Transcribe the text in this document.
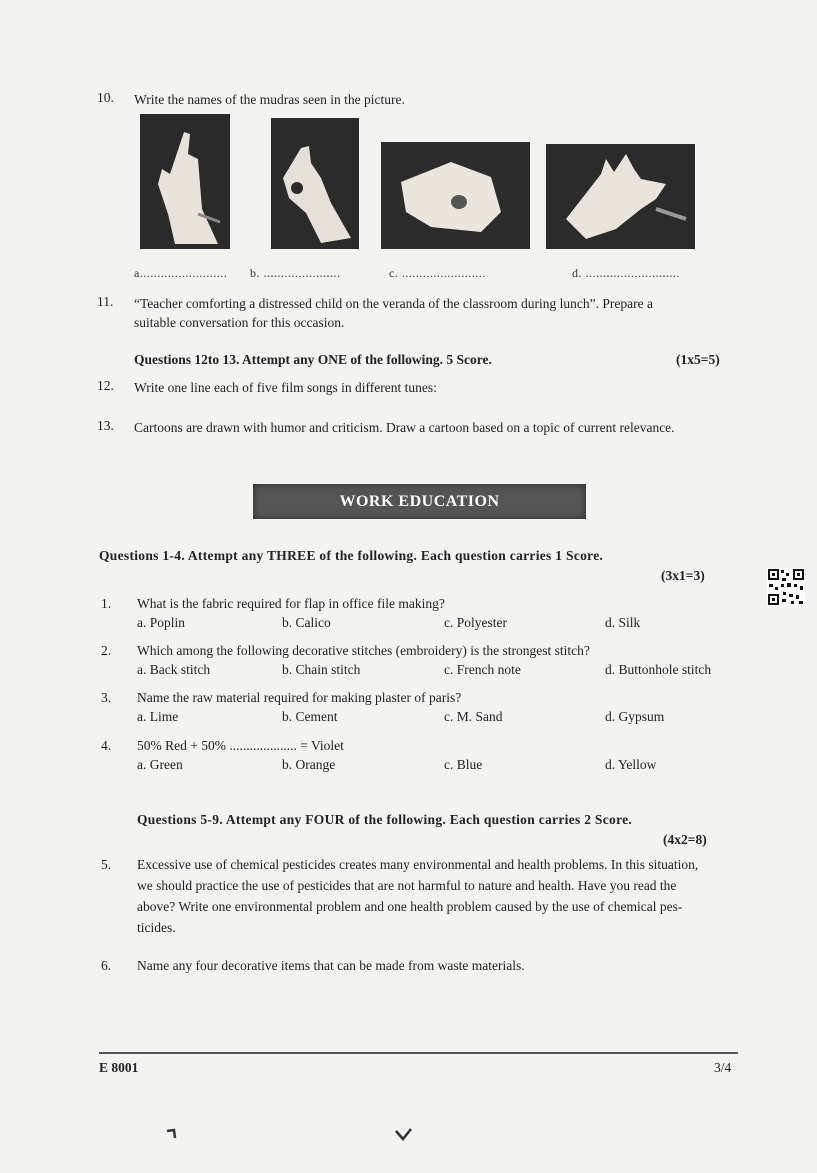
10. Write the names of the mudras seen in the picture.
a......................... b. ......................	c. ........................	d. ...........................
11. “Teacher comforting a distressed child on the veranda of the classroom during lunch”. Prepare a
suitable conversation for this occasion.
Questions 12to 13. Attempt any ONE of the following. 5 Score.	(1x5=5)
12. Write one line each of five film songs in different tunes:
13. Cartoons are drawn with humor and criticism. Draw a cartoon based on a topic of current relevance.
WORK EDUCATION
Questions 1-4. Attempt any THREE of the following. Each question carries 1 Score.
(3x1=3)
1. What is the fabric required for flap in office file making?
a. Poplin	b. Calico	c. Polyester	d. Silk
2. Which among the following decorative stitches (embroidery) is the strongest stitch?
a. Back stitch	b. Chain stitch	c. French note	d. Buttonhole stitch
3. Name the raw material required for making plaster of paris?
a. Lime	b. Cement	c. M. Sand	d. Gypsum
4. 50% Red + 50% .................... = Violet
a. Green	b. Orange	c. Blue	d. Yellow
Questions 5-9. Attempt any FOUR of the following. Each question carries 2 Score.
(4x2=8)
5. Excessive use of chemical pesticides creates many environmental and health problems. In this situation,
we should practice the use of pesticides that are not harmful to nature and health. Have you read the
above? Write one environmental problem and one health problem caused by the use of chemical pes-
ticides.
6. Name any four decorative items that can be made from waste materials.
E 8001	3/4
